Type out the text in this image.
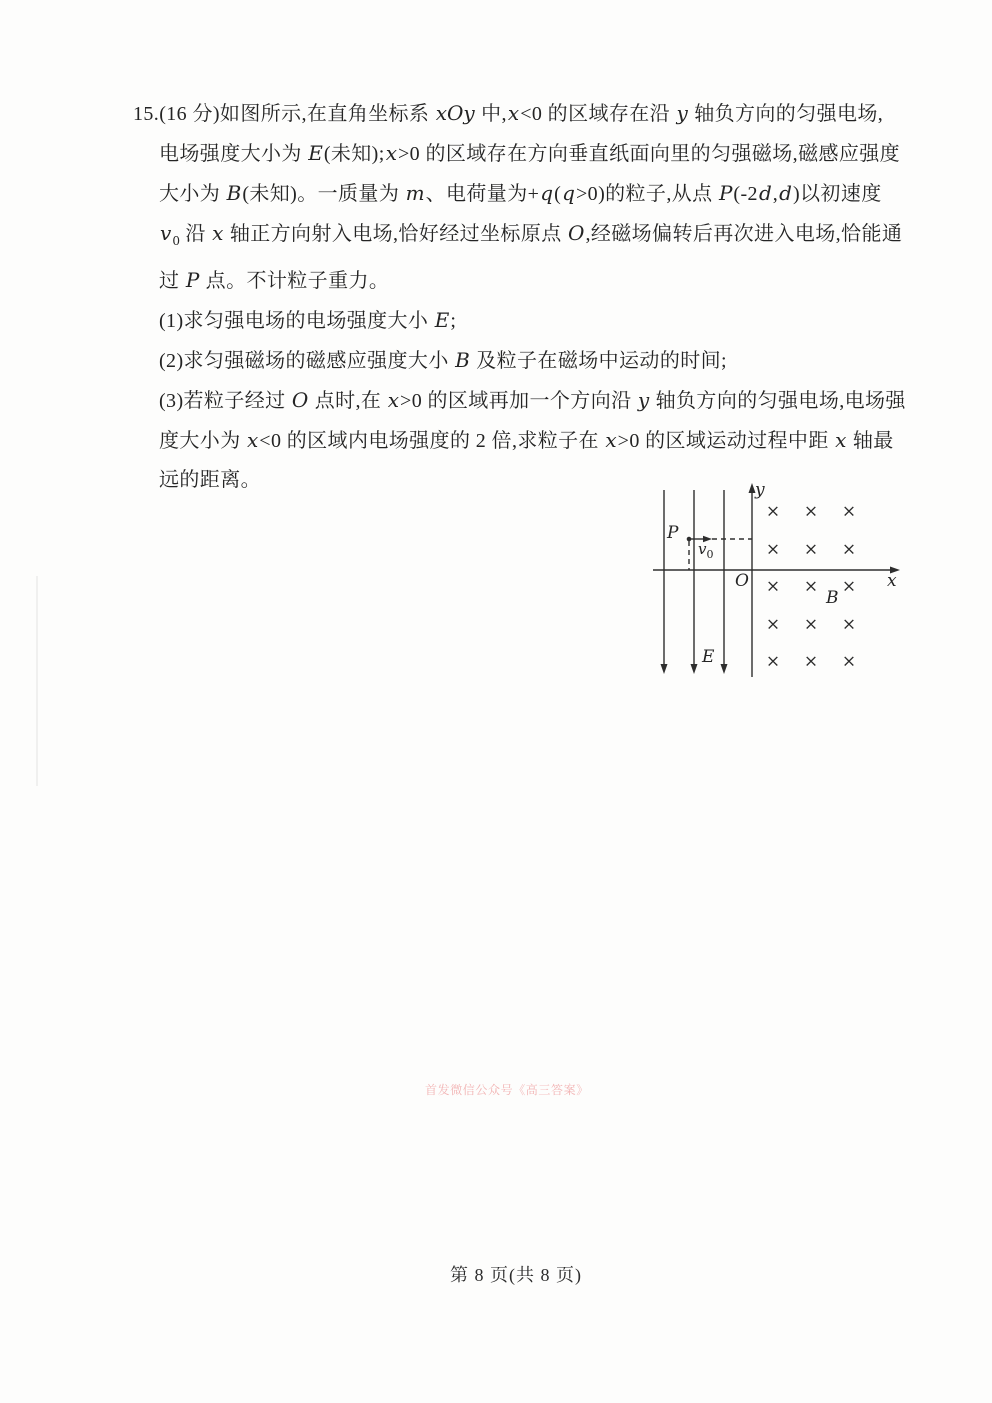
15.(16 分)如图所示,在直角坐标系 xOy 中,x<0 的区域存在沿 y 轴负方向的匀强电场,
电场强度大小为 E(未知);x>0 的区域存在方向垂直纸面向里的匀强磁场,磁感应强度
大小为 B(未知)。一质量为 m、电荷量为+q(q>0)的粒子,从点 P(-2d,d)以初速度
$v_0$ 沿 x 轴正方向射入电场,恰好经过坐标原点 O,经磁场偏转后再次进入电场,恰能通
过 P 点。不计粒子重力。
(1)求匀强电场的电场强度大小 E;
(2)求匀强磁场的磁感应强度大小 B 及粒子在磁场中运动的时间;
(3)若粒子经过 O 点时,在 x>0 的区域再加一个方向沿 y 轴负方向的匀强电场,电场强
度大小为 x<0 的区域内电场强度的 2 倍,求粒子在 x>0 的区域运动过程中距 x 轴最
远的距离。
× × ×
× × ×
× × ×
× × ×
× × ×
y
x
O
P
$v_0$
E
B
首发微信公众号《高三答案》
第 8 页(共 8 页)
